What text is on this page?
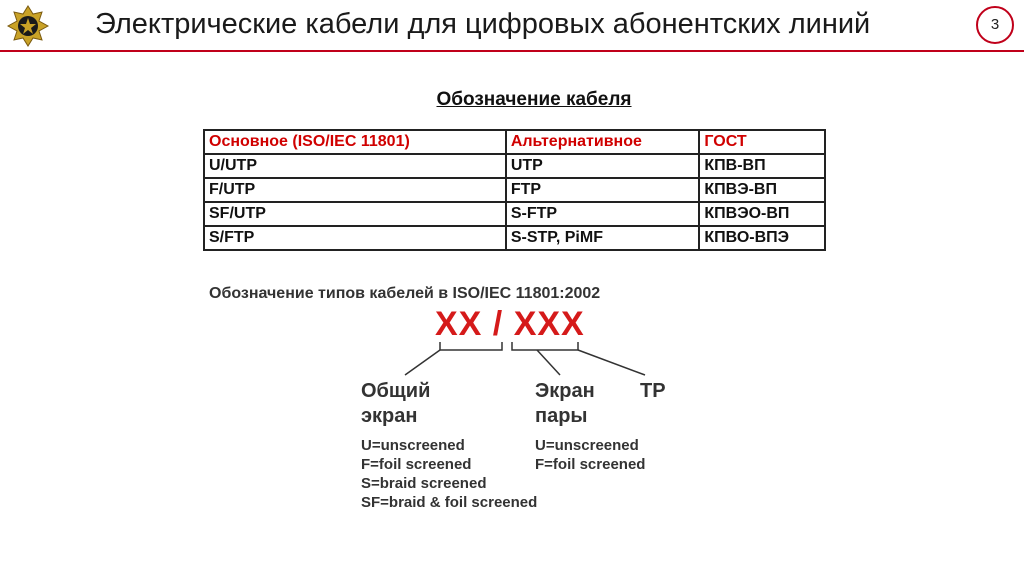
Электрические кабели для цифровых абонентских линий	3
Обозначение кабеля
Основное (ISO/IEC 11801)	Альтернативное	ГОСТ
U/UTP	UTP	КПВ-ВП
F/UTP	FTP	КПВЭ-ВП
SF/UTP	S-FTP	КПВЭО-ВП
S/FTP	S-STP, PiMF	КПВО-ВПЭ
Обозначение типов кабелей в ISO/IEC 11801:2002
XX / XXX
Общий
экран
Экран
пары
TP
U=unscreened
F=foil screened
S=braid screened
SF=braid & foil screened
U=unscreened
F=foil screened
